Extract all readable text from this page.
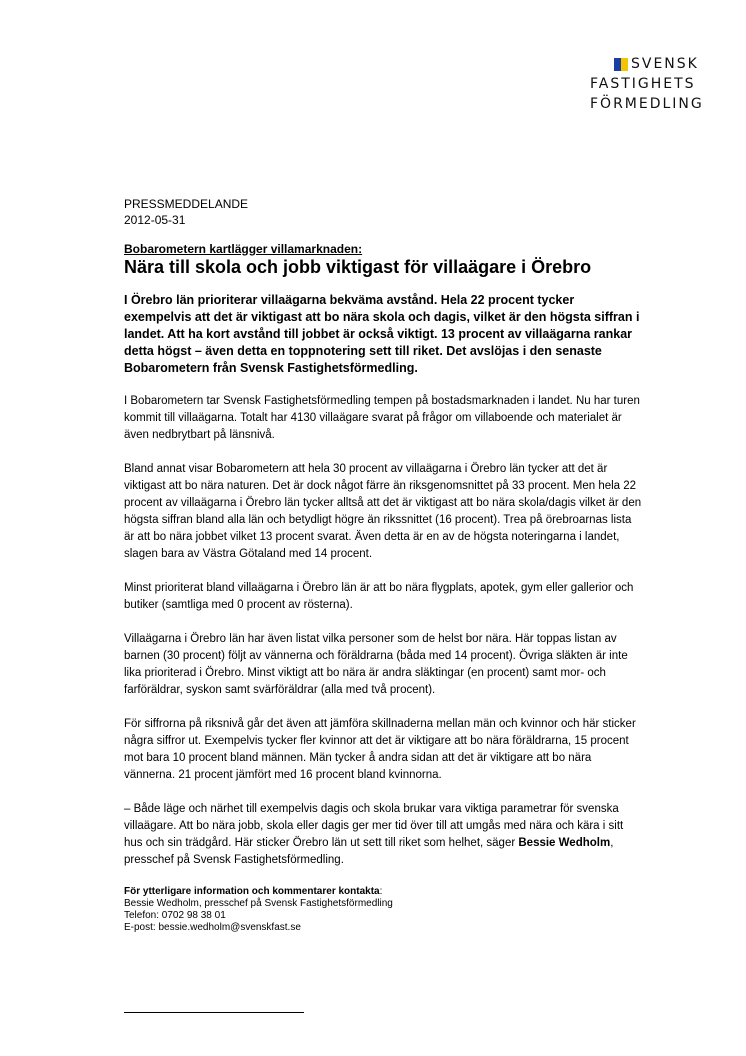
SVENSK
FASTIGHETS
FÖRMEDLING
PRESSMEDDELANDE
2012-05-31
Bobarometern kartlägger villamarknaden:
Nära till skola och jobb viktigast för villaägare i Örebro
I Örebro län prioriterar villaägarna bekväma avstånd. Hela 22 procent tycker exempelvis att det är viktigast att bo nära skola och dagis, vilket är den högsta siffran i landet. Att ha kort avstånd till jobbet är också viktigt. 13 procent av villaägarna rankar detta högst – även detta en toppnotering sett till riket. Det avslöjas i den senaste Bobarometern från Svensk Fastighetsförmedling.
I Bobarometern tar Svensk Fastighetsförmedling tempen på bostadsmarknaden i landet. Nu har turen kommit till villaägarna. Totalt har 4130 villaägare svarat på frågor om villaboende och materialet är även nedbrytbart på länsnivå.
Bland annat visar Bobarometern att hela 30 procent av villaägarna i Örebro län tycker att det är viktigast att bo nära naturen. Det är dock något färre än riksgenomsnittet på 33 procent. Men hela 22 procent av villaägarna i Örebro län tycker alltså att det är viktigast att bo nära skola/dagis vilket är den högsta siffran bland alla län och betydligt högre än rikssnittet (16 procent). Trea på örebroarnas lista är att bo nära jobbet vilket 13 procent svarat. Även detta är en av de högsta noteringarna i landet, slagen bara av Västra Götaland med 14 procent.
Minst prioriterat bland villaägarna i Örebro län är att bo nära flygplats, apotek, gym eller gallerior och butiker (samtliga med 0 procent av rösterna).
Villaägarna i Örebro län har även listat vilka personer som de helst bor nära. Här toppas listan av barnen (30 procent) följt av vännerna och föräldrarna (båda med 14 procent). Övriga släkten är inte lika prioriterad i Örebro. Minst viktigt att bo nära är andra släktingar (en procent) samt mor- och farföräldrar, syskon samt svärföräldrar (alla med två procent).
För siffrorna på riksnivå går det även att jämföra skillnaderna mellan män och kvinnor och här sticker några siffror ut. Exempelvis tycker fler kvinnor att det är viktigare att bo nära föräldrarna, 15 procent mot bara 10 procent bland männen. Män tycker å andra sidan att det är viktigare att bo nära vännerna. 21 procent jämfört med 16 procent bland kvinnorna.
– Både läge och närhet till exempelvis dagis och skola brukar vara viktiga parametrar för svenska villaägare. Att bo nära jobb, skola eller dagis ger mer tid över till att umgås med nära och kära i sitt hus och sin trädgård. Här sticker Örebro län ut sett till riket som helhet, säger Bessie Wedholm, presschef på Svensk Fastighetsförmedling.
För ytterligare information och kommentarer kontakta:
Bessie Wedholm, presschef på Svensk Fastighetsförmedling
Telefon: 0702 98 38 01
E-post: bessie.wedholm@svenskfast.se
